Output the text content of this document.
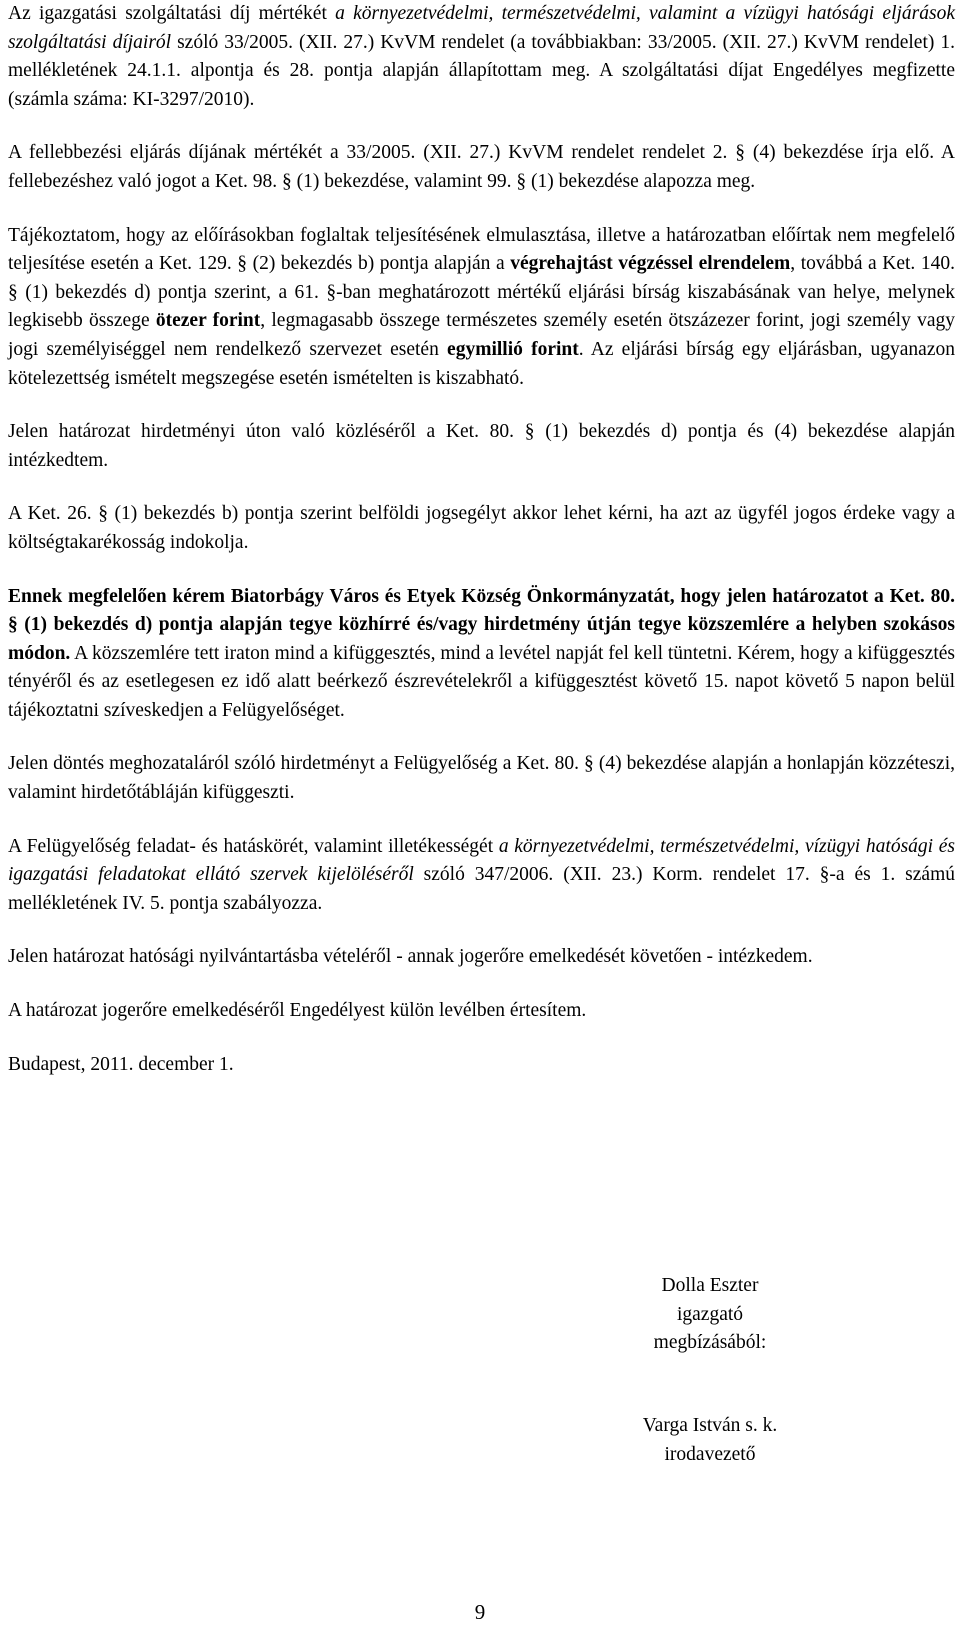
Az igazgatási szolgáltatási díj mértékét a környezetvédelmi, természetvédelmi, valamint a vízügyi hatósági eljárások szolgáltatási díjairól szóló 33/2005. (XII. 27.) KvVM rendelet (a továbbiakban: 33/2005. (XII. 27.) KvVM rendelet) 1. mellékletének 24.1.1. alpontja és 28. pontja alapján állapítottam meg. A szolgáltatási díjat Engedélyes megfizette (számla száma: KI-3297/2010).

A fellebbezési eljárás díjának mértékét a 33/2005. (XII. 27.) KvVM rendelet rendelet 2. § (4) bekezdése írja elő. A fellebezéshez való jogot a Ket. 98. § (1) bekezdése, valamint 99. § (1) bekezdése alapozza meg.

Tájékoztatom, hogy az előírásokban foglaltak teljesítésének elmulasztása, illetve a határozatban előírtak nem megfelelő teljesítése esetén a Ket. 129. § (2) bekezdés b) pontja alapján a végrehajtást végzéssel elrendelem, továbbá a Ket. 140. § (1) bekezdés d) pontja szerint, a 61. §-ban meghatározott mértékű eljárási bírság kiszabásának van helye, melynek legkisebb összege ötezer forint, legmagasabb összege természetes személy esetén ötszázezer forint, jogi személy vagy jogi személyiséggel nem rendelkező szervezet esetén egymillió forint. Az eljárási bírság egy eljárásban, ugyanazon kötelezettség ismételt megszegése esetén ismételten is kiszabható.

Jelen határozat hirdetményi úton való közléséről a Ket. 80. § (1) bekezdés d) pontja és (4) bekezdése alapján intézkedtem.

A Ket. 26. § (1) bekezdés b) pontja szerint belföldi jogsegélyt akkor lehet kérni, ha azt az ügyfél jogos érdeke vagy a költségtakarékosság indokolja.

Ennek megfelelően kérem Biatorbágy Város és Etyek Község Önkormányzatát, hogy jelen határozatot a Ket. 80. § (1) bekezdés d) pontja alapján tegye közhírré és/vagy hirdetmény útján tegye közszemlére a helyben szokásos módon. A közszemlére tett iraton mind a kifüggesztés, mind a levétel napját fel kell tüntetni. Kérem, hogy a kifüggesztés tényéről és az esetlegesen ez idő alatt beérkező észrevételekről a kifüggesztést követő 15. napot követő 5 napon belül tájékoztatni szíveskedjen a Felügyelőséget.

Jelen döntés meghozataláról szóló hirdetményt a Felügyelőség a Ket. 80. § (4) bekezdése alapján a honlapján közzéteszi, valamint hirdetőtábláján kifüggeszti.

A Felügyelőség feladat- és hatáskörét, valamint illetékességét a környezetvédelmi, természetvédelmi, vízügyi hatósági és igazgatási feladatokat ellátó szervek kijelöléséről szóló 347/2006. (XII. 23.) Korm. rendelet 17. §-a és 1. számú mellékletének IV. 5. pontja szabályozza.

Jelen határozat hatósági nyilvántartásba vételéről - annak jogerőre emelkedését követően - intézkedem.

A határozat jogerőre emelkedéséről Engedélyest külön levélben értesítem.

Budapest, 2011. december 1.

Dolla Eszter
igazgató
megbízásából:
Varga István s. k.
irodavezető
9
